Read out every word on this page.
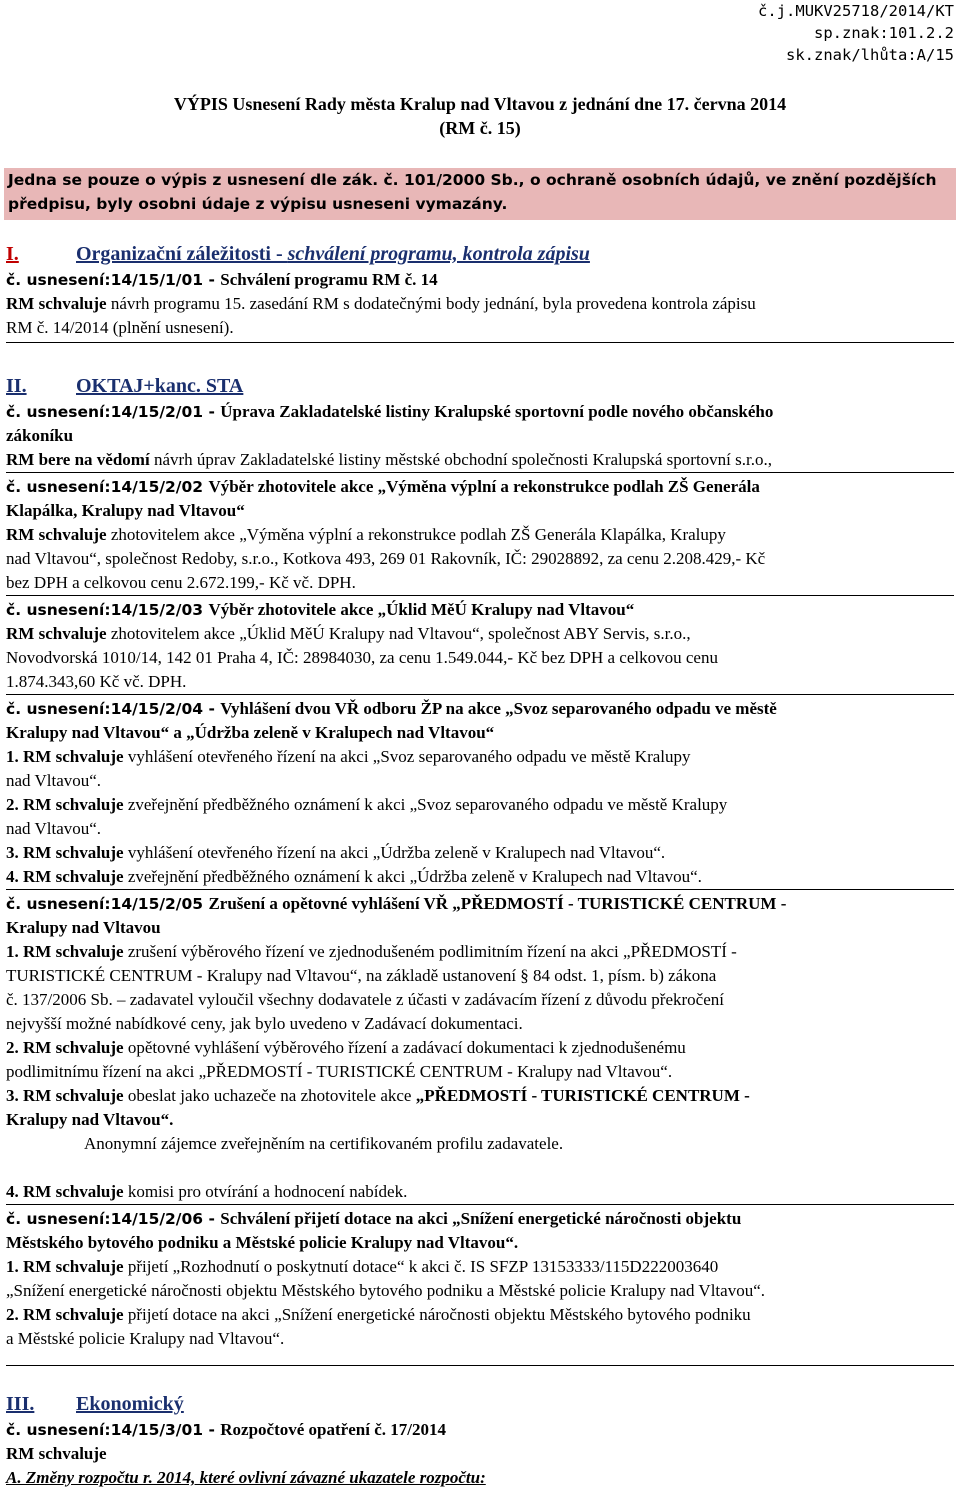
č.j.MUKV25718/2014/KT
sp.znak:101.2.2
sk.znak/lhůta:A/15
VÝPIS Usnesení Rady města Kralup nad Vltavou z jednání dne 17. června 2014
(RM č. 15)
Jedna se pouze o výpis z usnesení dle zák. č. 101/2000 Sb., o ochraně osobních údajů, ve znění pozdějších
předpisu, byly osobni údaje z výpisu usneseni vymazány.
I.	Organizační záležitosti - schválení programu, kontrola zápisu

č. usnesení:14/15/1/01 - Schválení programu RM č. 14

RM schvaluje návrh programu 15. zasedání RM s dodatečnými body jednání, byla provedena kontrola zápisu

RM č. 14/2014 (plnění usnesení).

II. OKTAJ+kanc. STA

č. usnesení:14/15/2/01 - Úprava Zakladatelské listiny Kralupské sportovní podle nového občanského

zákoníku

RM bere na vědomí návrh úprav Zakladatelské listiny městské obchodní společnosti Kralupská sportovní s.r.o.,

č. usnesení:14/15/2/02 Výběr zhotovitele akce „Výměna výplní a rekonstrukce podlah ZŠ Generála

Klapálka, Kralupy nad Vltavou“

RM schvaluje zhotovitelem akce „Výměna výplní a rekonstrukce podlah ZŠ Generála Klapálka, Kralupy

nad Vltavou“, společnost Redoby, s.r.o., Kotkova 493, 269 01 Rakovník, IČ: 29028892, za cenu 2.208.429,- Kč

bez DPH a celkovou cenu 2.672.199,- Kč vč. DPH.

č. usnesení:14/15/2/03 Výběr zhotovitele akce „Úklid MěÚ Kralupy nad Vltavou“

RM schvaluje zhotovitelem akce „Úklid MěÚ Kralupy nad Vltavou“, společnost ABY Servis, s.r.o.,

Novodvorská 1010/14, 142 01 Praha 4, IČ: 28984030, za cenu 1.549.044,- Kč bez DPH a celkovou cenu

1.874.343,60 Kč vč. DPH.

č. usnesení:14/15/2/04 - Vyhlášení dvou VŘ odboru ŽP na akce „Svoz separovaného odpadu ve městě

Kralupy nad Vltavou“ a „Údržba zeleně v Kralupech nad Vltavou“

1. RM schvaluje vyhlášení otevřeného řízení na akci „Svoz separovaného odpadu ve městě Kralupy

nad Vltavou“.

2. RM schvaluje zveřejnění předběžného oznámení k akci „Svoz separovaného odpadu ve městě Kralupy

nad Vltavou“.

3. RM schvaluje vyhlášení otevřeného řízení na akci „Údržba zeleně v Kralupech nad Vltavou“.

4. RM schvaluje zveřejnění předběžného oznámení k akci „Údržba zeleně v Kralupech nad Vltavou“.

č. usnesení:14/15/2/05 Zrušení a opětovné vyhlášení VŘ „PŘEDMOSTÍ - TURISTICKÉ CENTRUM -

Kralupy nad Vltavou

1. RM schvaluje zrušení výběrového řízení ve zjednodušeném podlimitním řízení na akci „PŘEDMOSTÍ -

TURISTICKÉ CENTRUM - Kralupy nad Vltavou“, na základě ustanovení § 84 odst. 1, písm. b) zákona

č. 137/2006 Sb. – zadavatel vyloučil všechny dodavatele z účasti v zadávacím řízení z důvodu překročení

nejvyšší možné nabídkové ceny, jak bylo uvedeno v Zadávací dokumentaci.

2. RM schvaluje opětovné vyhlášení výběrového řízení a zadávací dokumentaci k zjednodušenému

podlimitnímu řízení na akci „PŘEDMOSTÍ - TURISTICKÉ CENTRUM - Kralupy nad Vltavou“.

3. RM schvaluje obeslat jako uchazeče na zhotovitele akce „PŘEDMOSTÍ - TURISTICKÉ CENTRUM -

Kralupy nad Vltavou“.

Anonymní zájemce zveřejněním na certifikovaném profilu zadavatele.

4. RM schvaluje komisi pro otvírání a hodnocení nabídek.

č. usnesení:14/15/2/06 - Schválení přijetí dotace na akci „Snížení energetické náročnosti objektu

Městského bytového podniku a Městské policie Kralupy nad Vltavou“.

1. RM schvaluje přijetí „Rozhodnutí o poskytnutí dotace“ k akci č. IS SFZP 13153333/115D222003640

„Snížení energetické náročnosti objektu Městského bytového podniku a Městské policie Kralupy nad Vltavou“.

2. RM schvaluje přijetí dotace na akci „Snížení energetické náročnosti objektu Městského bytového podniku

a Městské policie Kralupy nad Vltavou“.

III. Ekonomický

č. usnesení:14/15/3/01 - Rozpočtové opatření č. 17/2014

RM schvaluje

A. Změny rozpočtu r. 2014, které ovlivní závazné ukazatele rozpočtu:
